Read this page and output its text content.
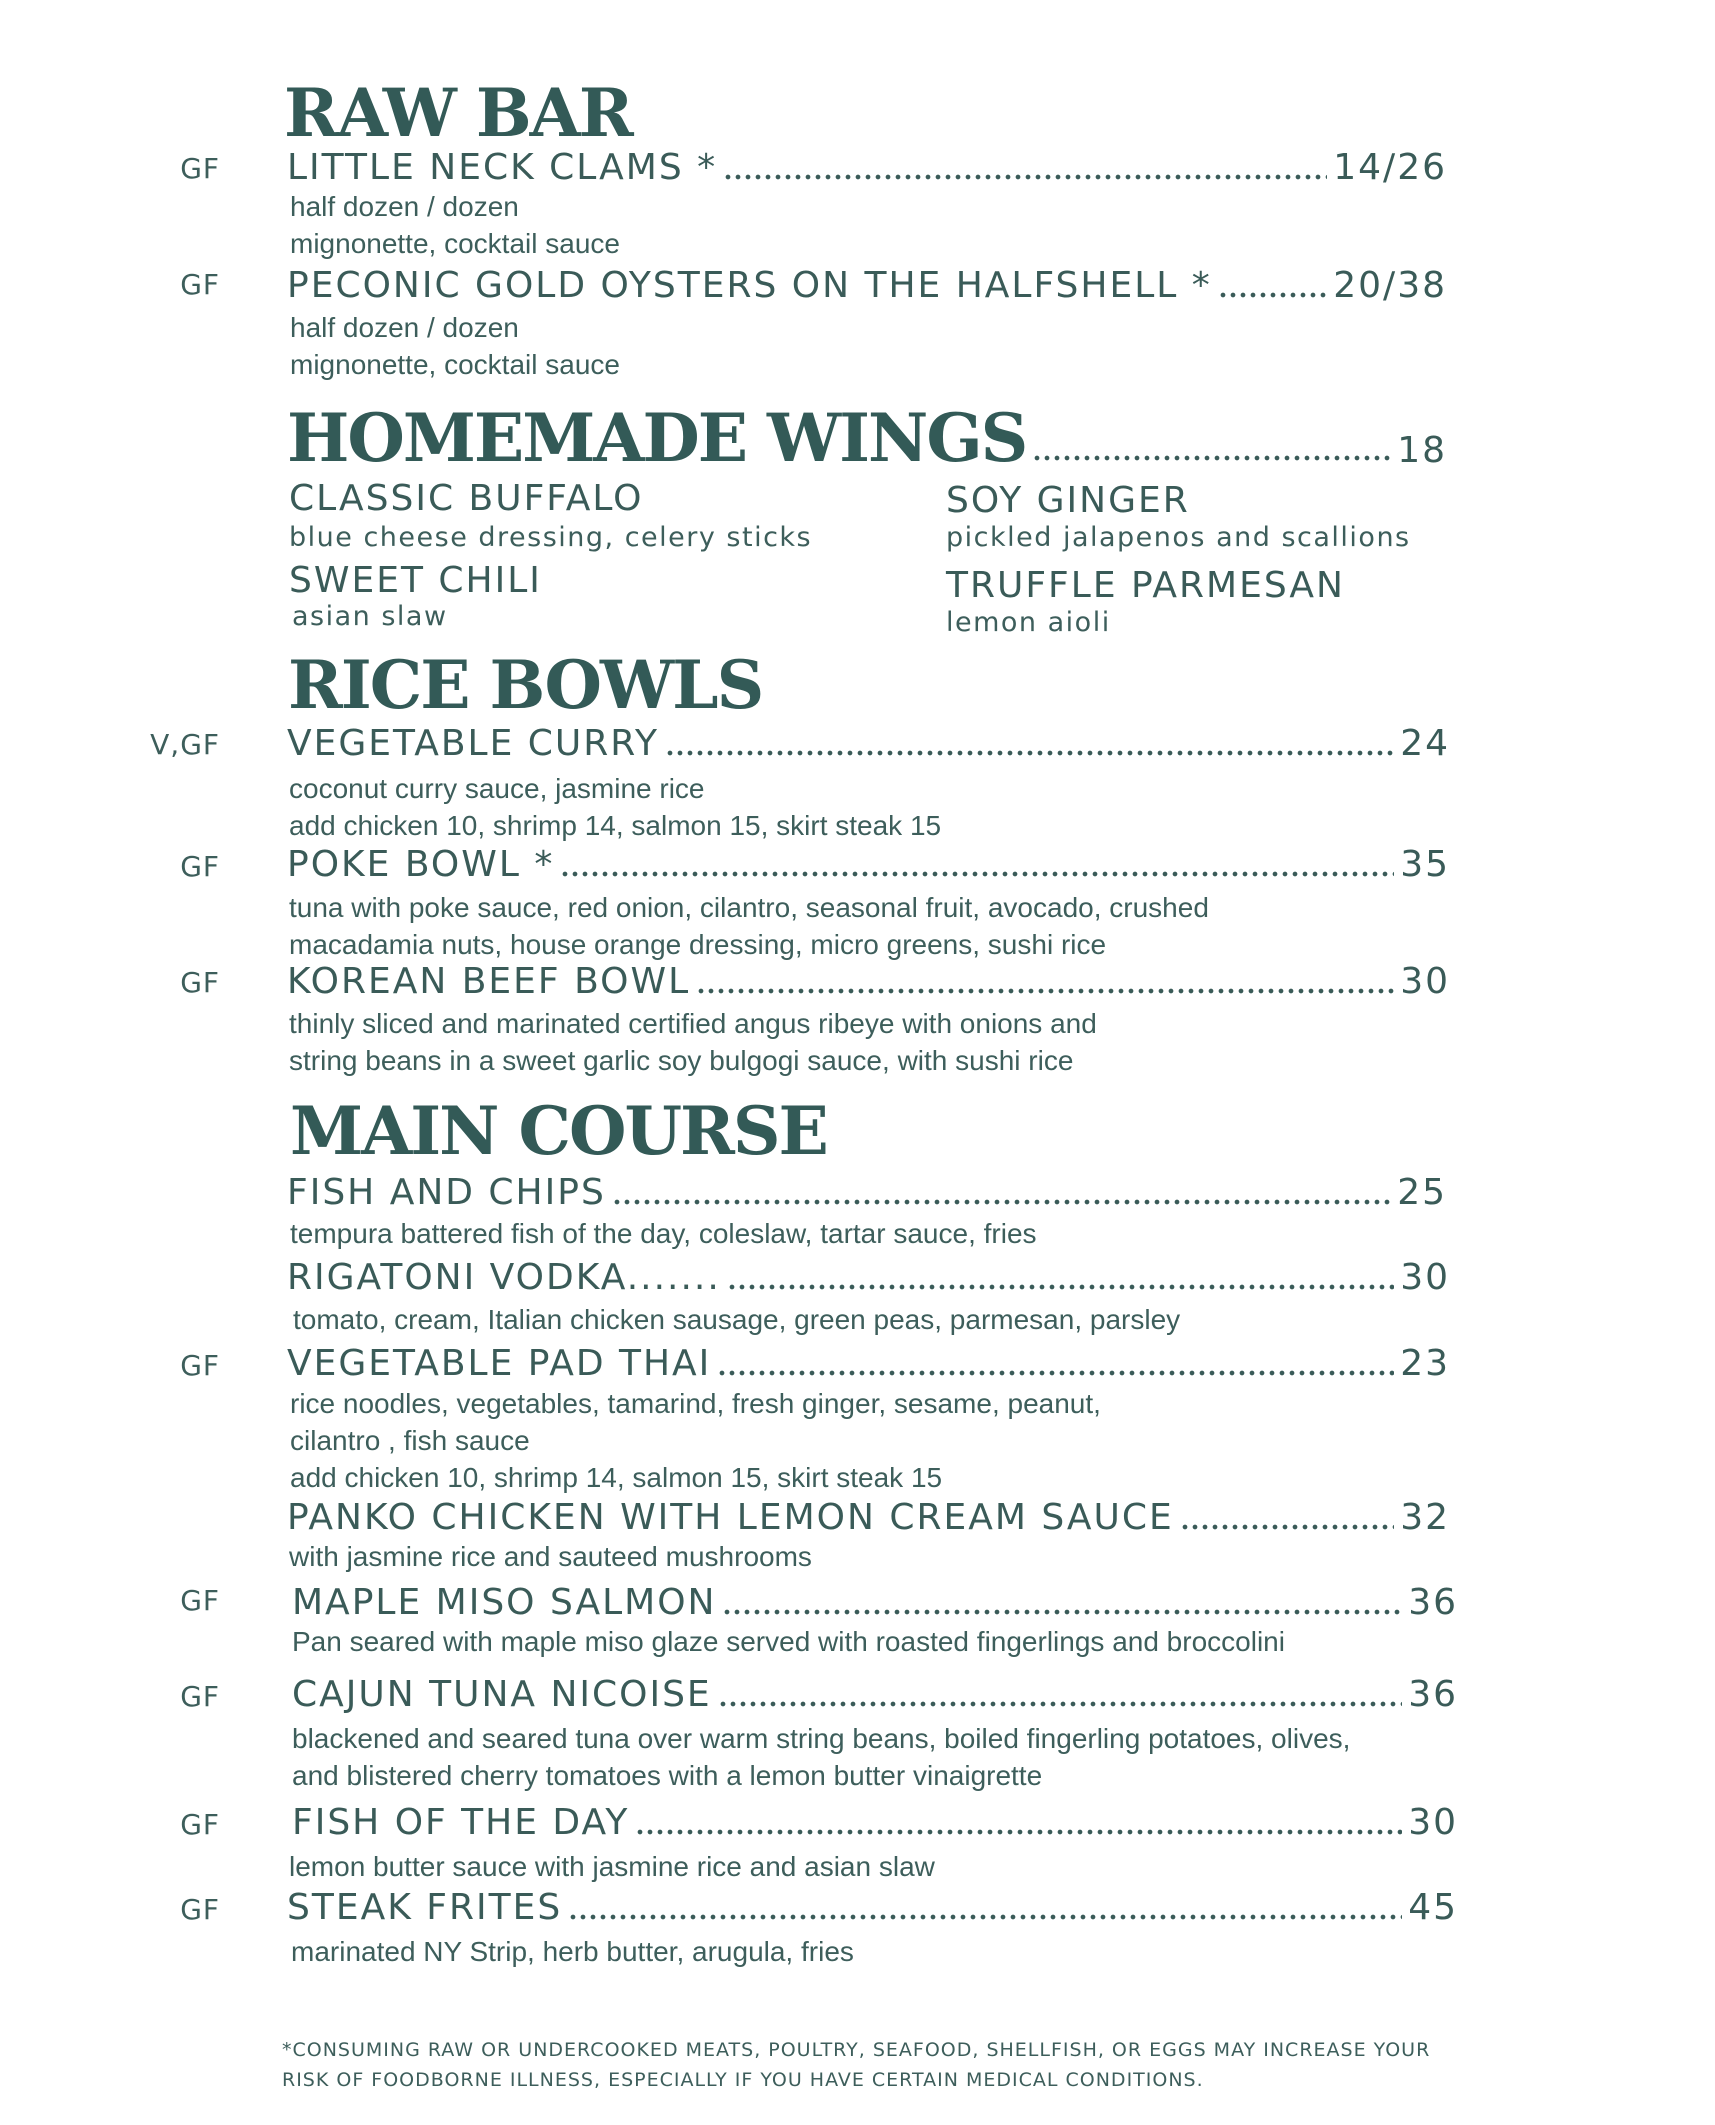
RAW BAR
GF LITTLE NECK CLAMS *	14/26
half dozen / dozen
mignonette, cocktail sauce
GF PECONIC GOLD OYSTERS ON THE HALFSHELL *	20/38
half dozen / dozen
mignonette, cocktail sauce
HOMEMADE WINGS	18
CLASSIC BUFFALO
blue cheese dressing, celery sticks
SOY GINGER
pickled jalapenos and scallions
SWEET CHILI
asian slaw
TRUFFLE PARMESAN
lemon aioli
RICE BOWLS
V,GF VEGETABLE CURRY	24
coconut curry sauce, jasmine rice
add chicken 10, shrimp 14, salmon 15, skirt steak 15
GF POKE BOWL *	35
tuna with poke sauce, red onion, cilantro, seasonal fruit, avocado, crushed
macadamia nuts, house orange dressing, micro greens, sushi rice
GF KOREAN BEEF BOWL	30
thinly sliced and marinated certified angus ribeye with onions and
string beans in a sweet garlic soy bulgogi sauce, with sushi rice
MAIN COURSE
FISH AND CHIPS	25
tempura battered fish of the day, coleslaw, tartar sauce, fries
RIGATONI VODKA.......	30
tomato, cream, Italian chicken sausage, green peas, parmesan, parsley
GF VEGETABLE PAD THAI	23
rice noodles, vegetables, tamarind, fresh ginger, sesame, peanut,
cilantro , fish sauce
add chicken 10, shrimp 14, salmon 15, skirt steak 15
PANKO CHICKEN WITH LEMON CREAM SAUCE	32
with jasmine rice and sauteed mushrooms
GF MAPLE MISO SALMON	36
Pan seared with maple miso glaze served with roasted fingerlings and broccolini
GF CAJUN TUNA NICOISE	36
blackened and seared tuna over warm string beans, boiled fingerling potatoes, olives,
and blistered cherry tomatoes with a lemon butter vinaigrette
GF FISH OF THE DAY	30
lemon butter sauce with jasmine rice and asian slaw
GF STEAK FRITES	45
marinated NY Strip, herb butter, arugula, fries
*CONSUMING RAW OR UNDERCOOKED MEATS, POULTRY, SEAFOOD, SHELLFISH, OR EGGS MAY INCREASE YOUR RISK OF FOODBORNE ILLNESS, ESPECIALLY IF YOU HAVE CERTAIN MEDICAL CONDITIONS.
